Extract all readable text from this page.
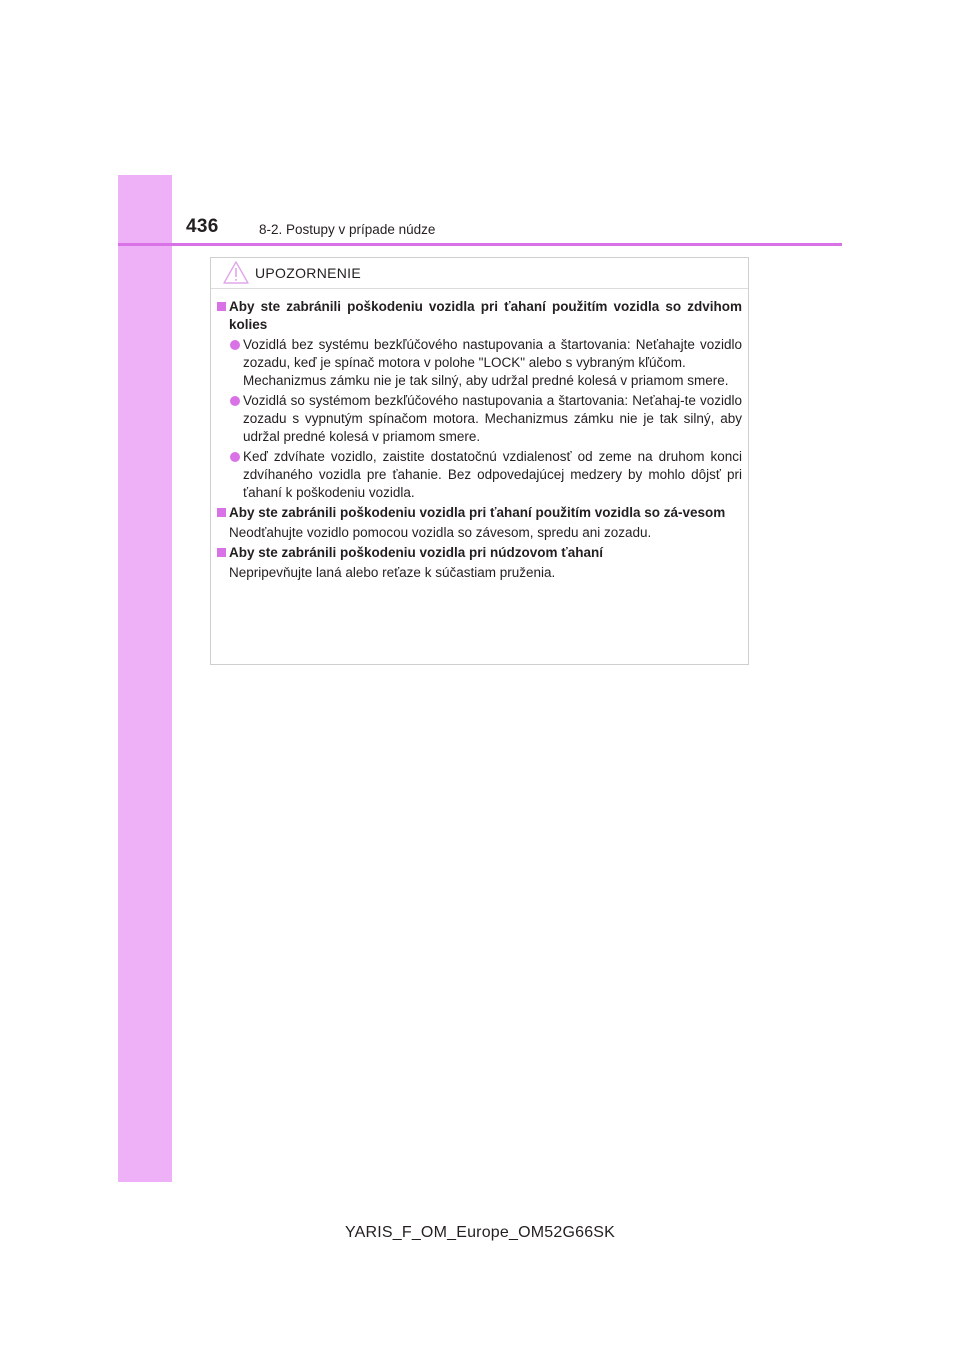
436	8-2. Postupy v prípade núdze
UPOZORNENIE
Aby ste zabránili poškodeniu vozidla pri ťahaní použitím vozidla so zdvihom kolies

Vozidlá bez systému bezkľúčového nastupovania a štartovania: Neťahajte vozidlo zozadu, keď je spínač motora v polohe "LOCK" alebo s vybraným kľúčom.

Mechanizmus zámku nie je tak silný, aby udržal predné kolesá v priamom smere.

Vozidlá so systémom bezkľúčového nastupovania a štartovania: Neťahaj-te vozidlo zozadu s vypnutým spínačom motora. Mechanizmus zámku nie je tak silný, aby udržal predné kolesá v priamom smere.

Keď zdvíhate vozidlo, zaistite dostatočnú vzdialenosť od zeme na druhom konci zdvíhaného vozidla pre ťahanie. Bez odpovedajúcej medzery by mohlo dôjsť pri ťahaní k poškodeniu vozidla.

Aby ste zabránili poškodeniu vozidla pri ťahaní použitím vozidla so zá-vesom

Neodťahujte vozidlo pomocou vozidla so závesom, spredu ani zozadu.

Aby ste zabránili poškodeniu vozidla pri núdzovom ťahaní

Nepripevňujte laná alebo reťaze k súčastiam pruženia.

YARIS_F_OM_Europe_OM52G66SK
